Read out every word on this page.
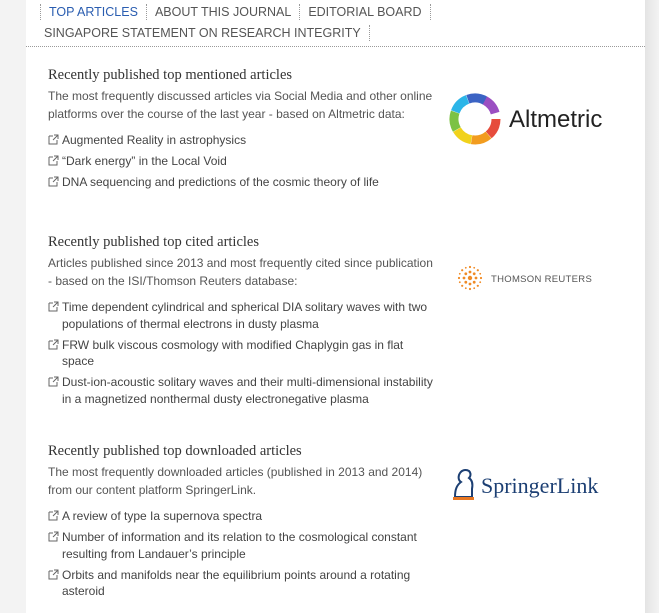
TOP ARTICLES ABOUT THIS JOURNAL EDITORIAL BOARD
SINGAPORE STATEMENT ON RESEARCH INTEGRITY
Recently published top mentioned articles

The most frequently discussed articles via Social Media and other online platforms over the course of the last year - based on Altmetric data:

Augmented Reality in astrophysics
“Dark energy” in the Local Void
DNA sequencing and predictions of the cosmic theory of life
Altmetric
Recently published top cited articles

Articles published since 2013 and most frequently cited since publication - based on the ISI/Thomson Reuters database:

Time dependent cylindrical and spherical DIA solitary waves with two populations of thermal electrons in dusty plasma
FRW bulk viscous cosmology with modified Chaplygin gas in flat space
Dust-ion-acoustic solitary waves and their multi-dimensional instability in a magnetized nonthermal dusty electronegative plasma
THOMSON REUTERS
Recently published top downloaded articles

The most frequently downloaded articles (published in 2013 and 2014) from our content platform SpringerLink.

A review of type Ia supernova spectra
Number of information and its relation to the cosmological constant resulting from Landauer’s principle
Orbits and manifolds near the equilibrium points around a rotating asteroid
SpringerLink
